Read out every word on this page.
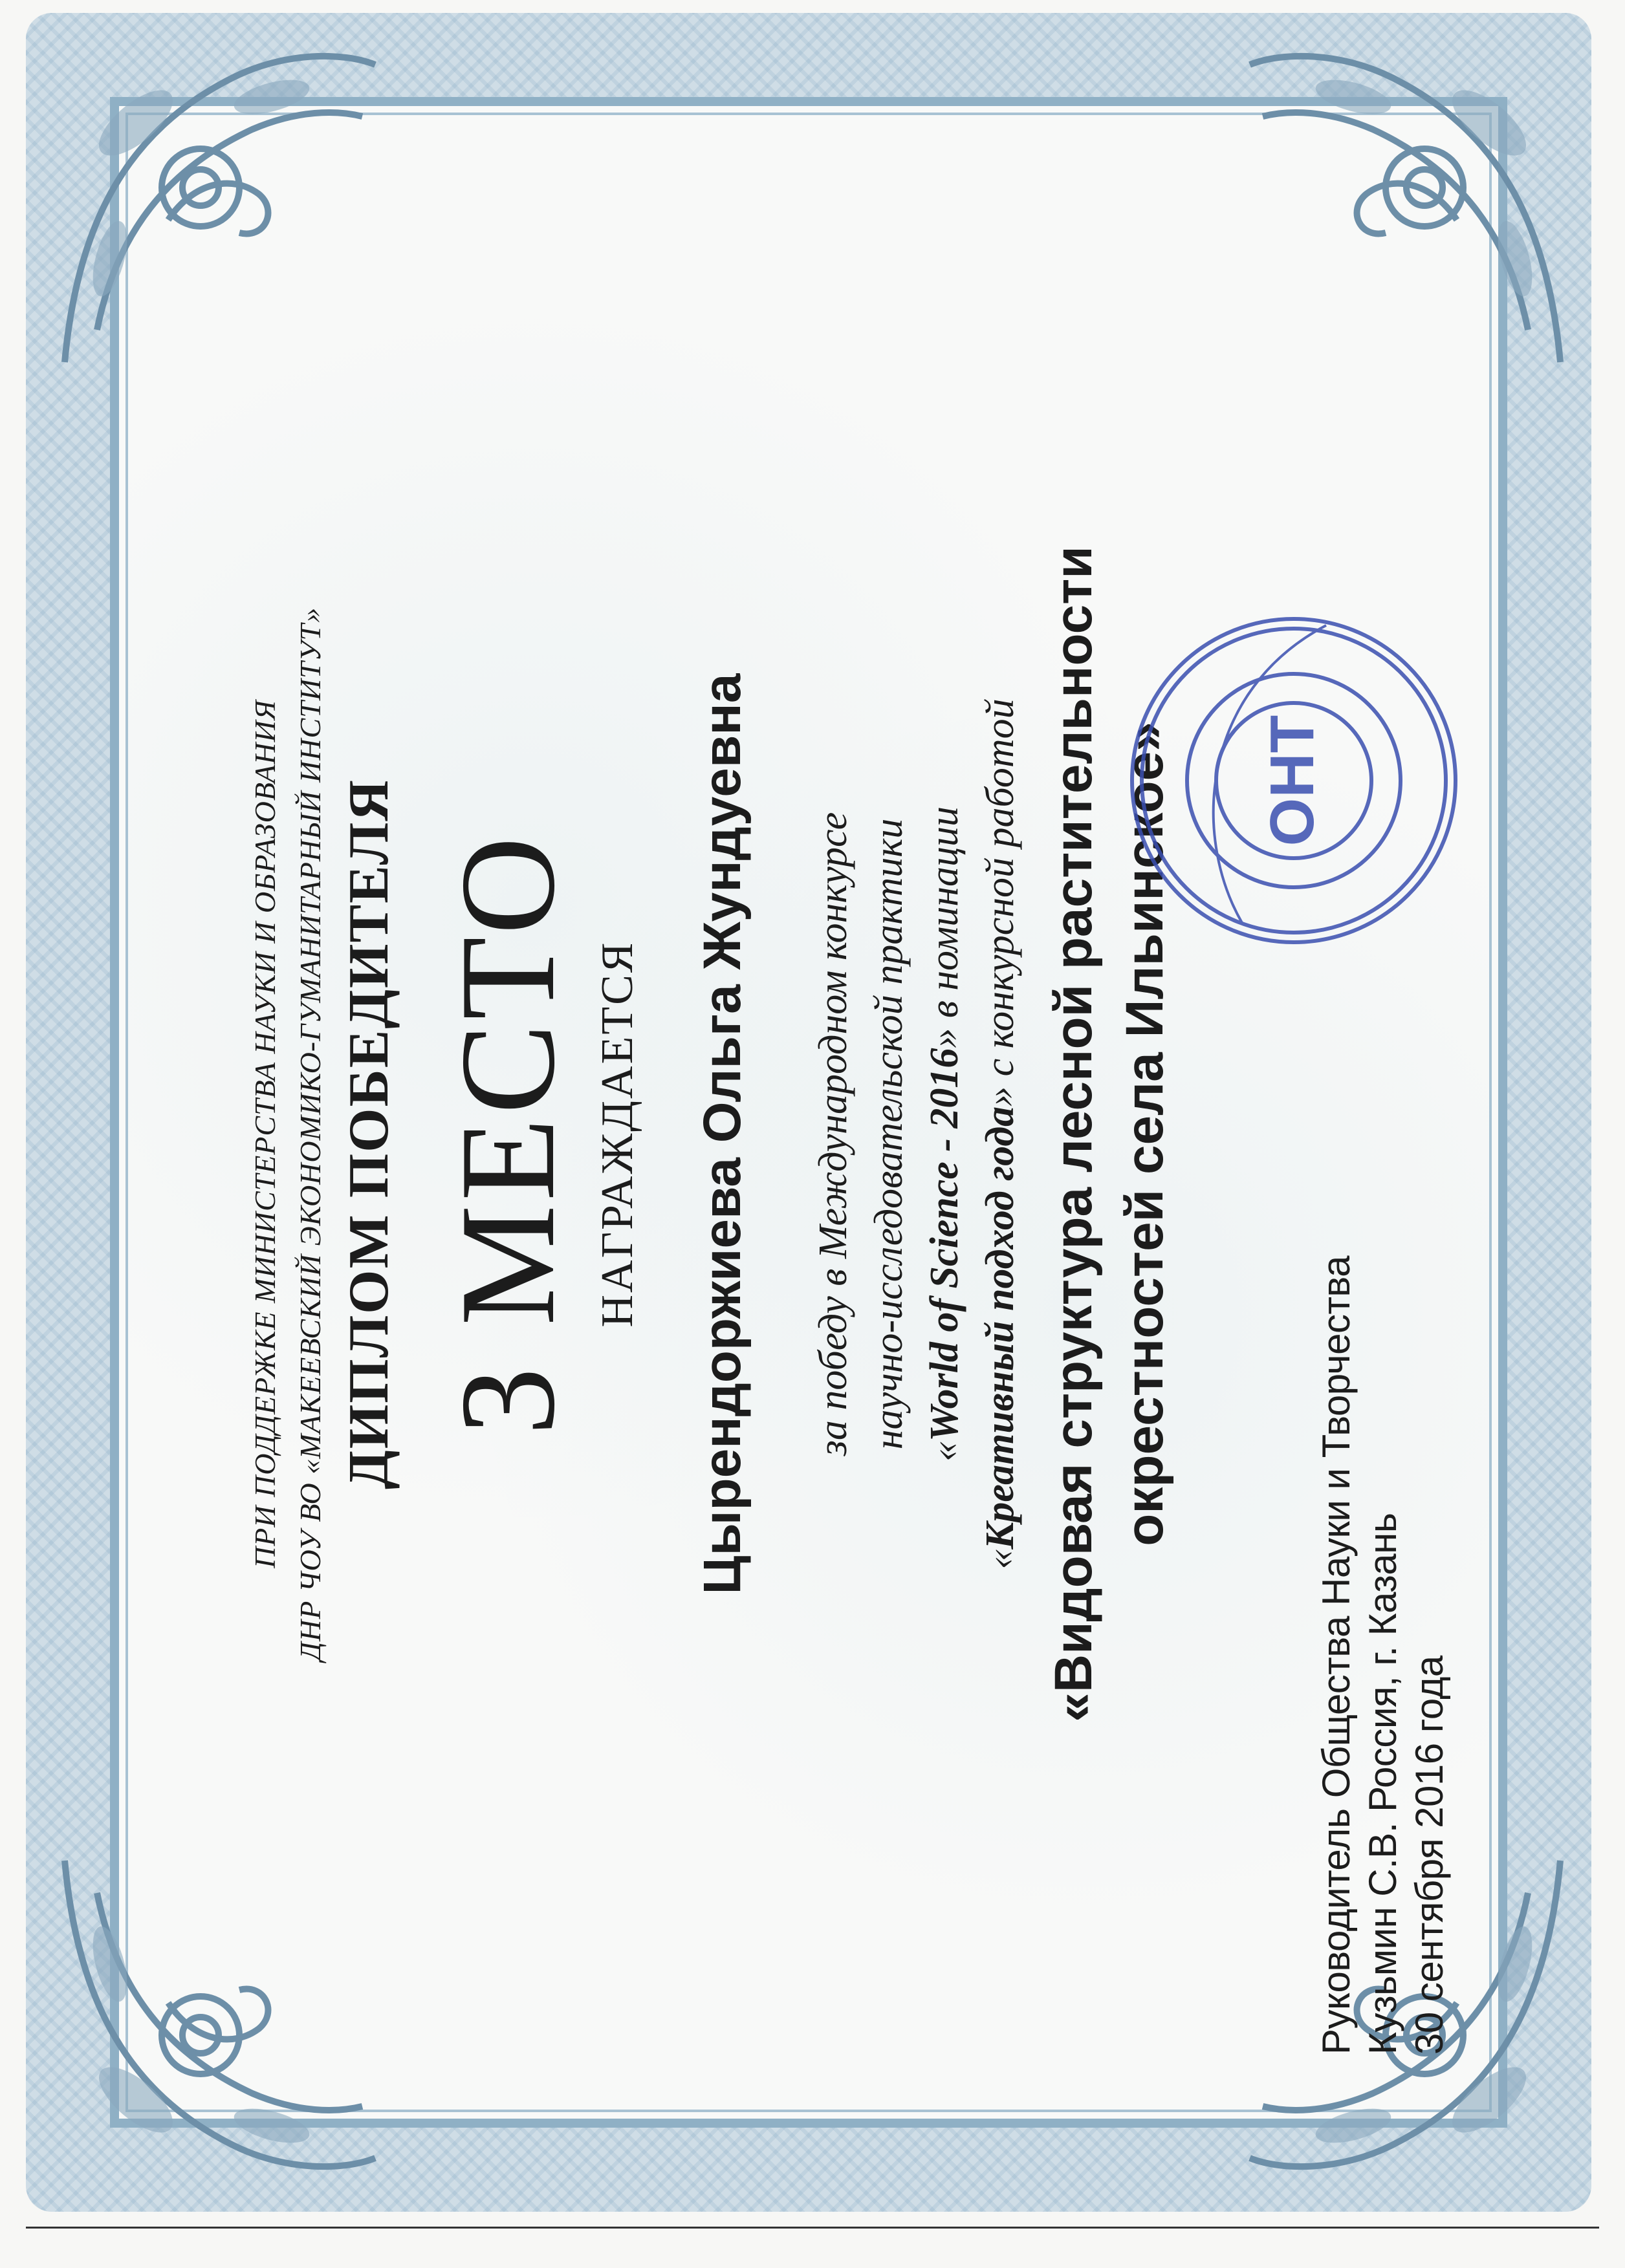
ПРИ ПОДДЕРЖКЕ МИНИСТЕРСТВА НАУКИ И ОБРАЗОВАНИЯ ДНР ЧОУ ВО «МАКЕЕВСКИЙ ЭКОНОМИКО-ГУМАНИТАРНЫЙ ИНСТИТУТ» ДИПЛОМ ПОБЕДИТЕЛЯ 3 МЕСТО НАГРАЖДАЕТСЯ Цырендоржиева Ольга Жундуевна за победу в Международном конкурсе научно-исследовательской практики
«World of Science - 2016» в номинации
«Креативный подход года» с конкурсной работой «Видовая структура лесной растительности окрестностей села Ильинское»
Руководитель Общества Науки и Творчества Кузьмин С.В. Россия, г. Казань 30 сентября 2016 года
ОНТ
